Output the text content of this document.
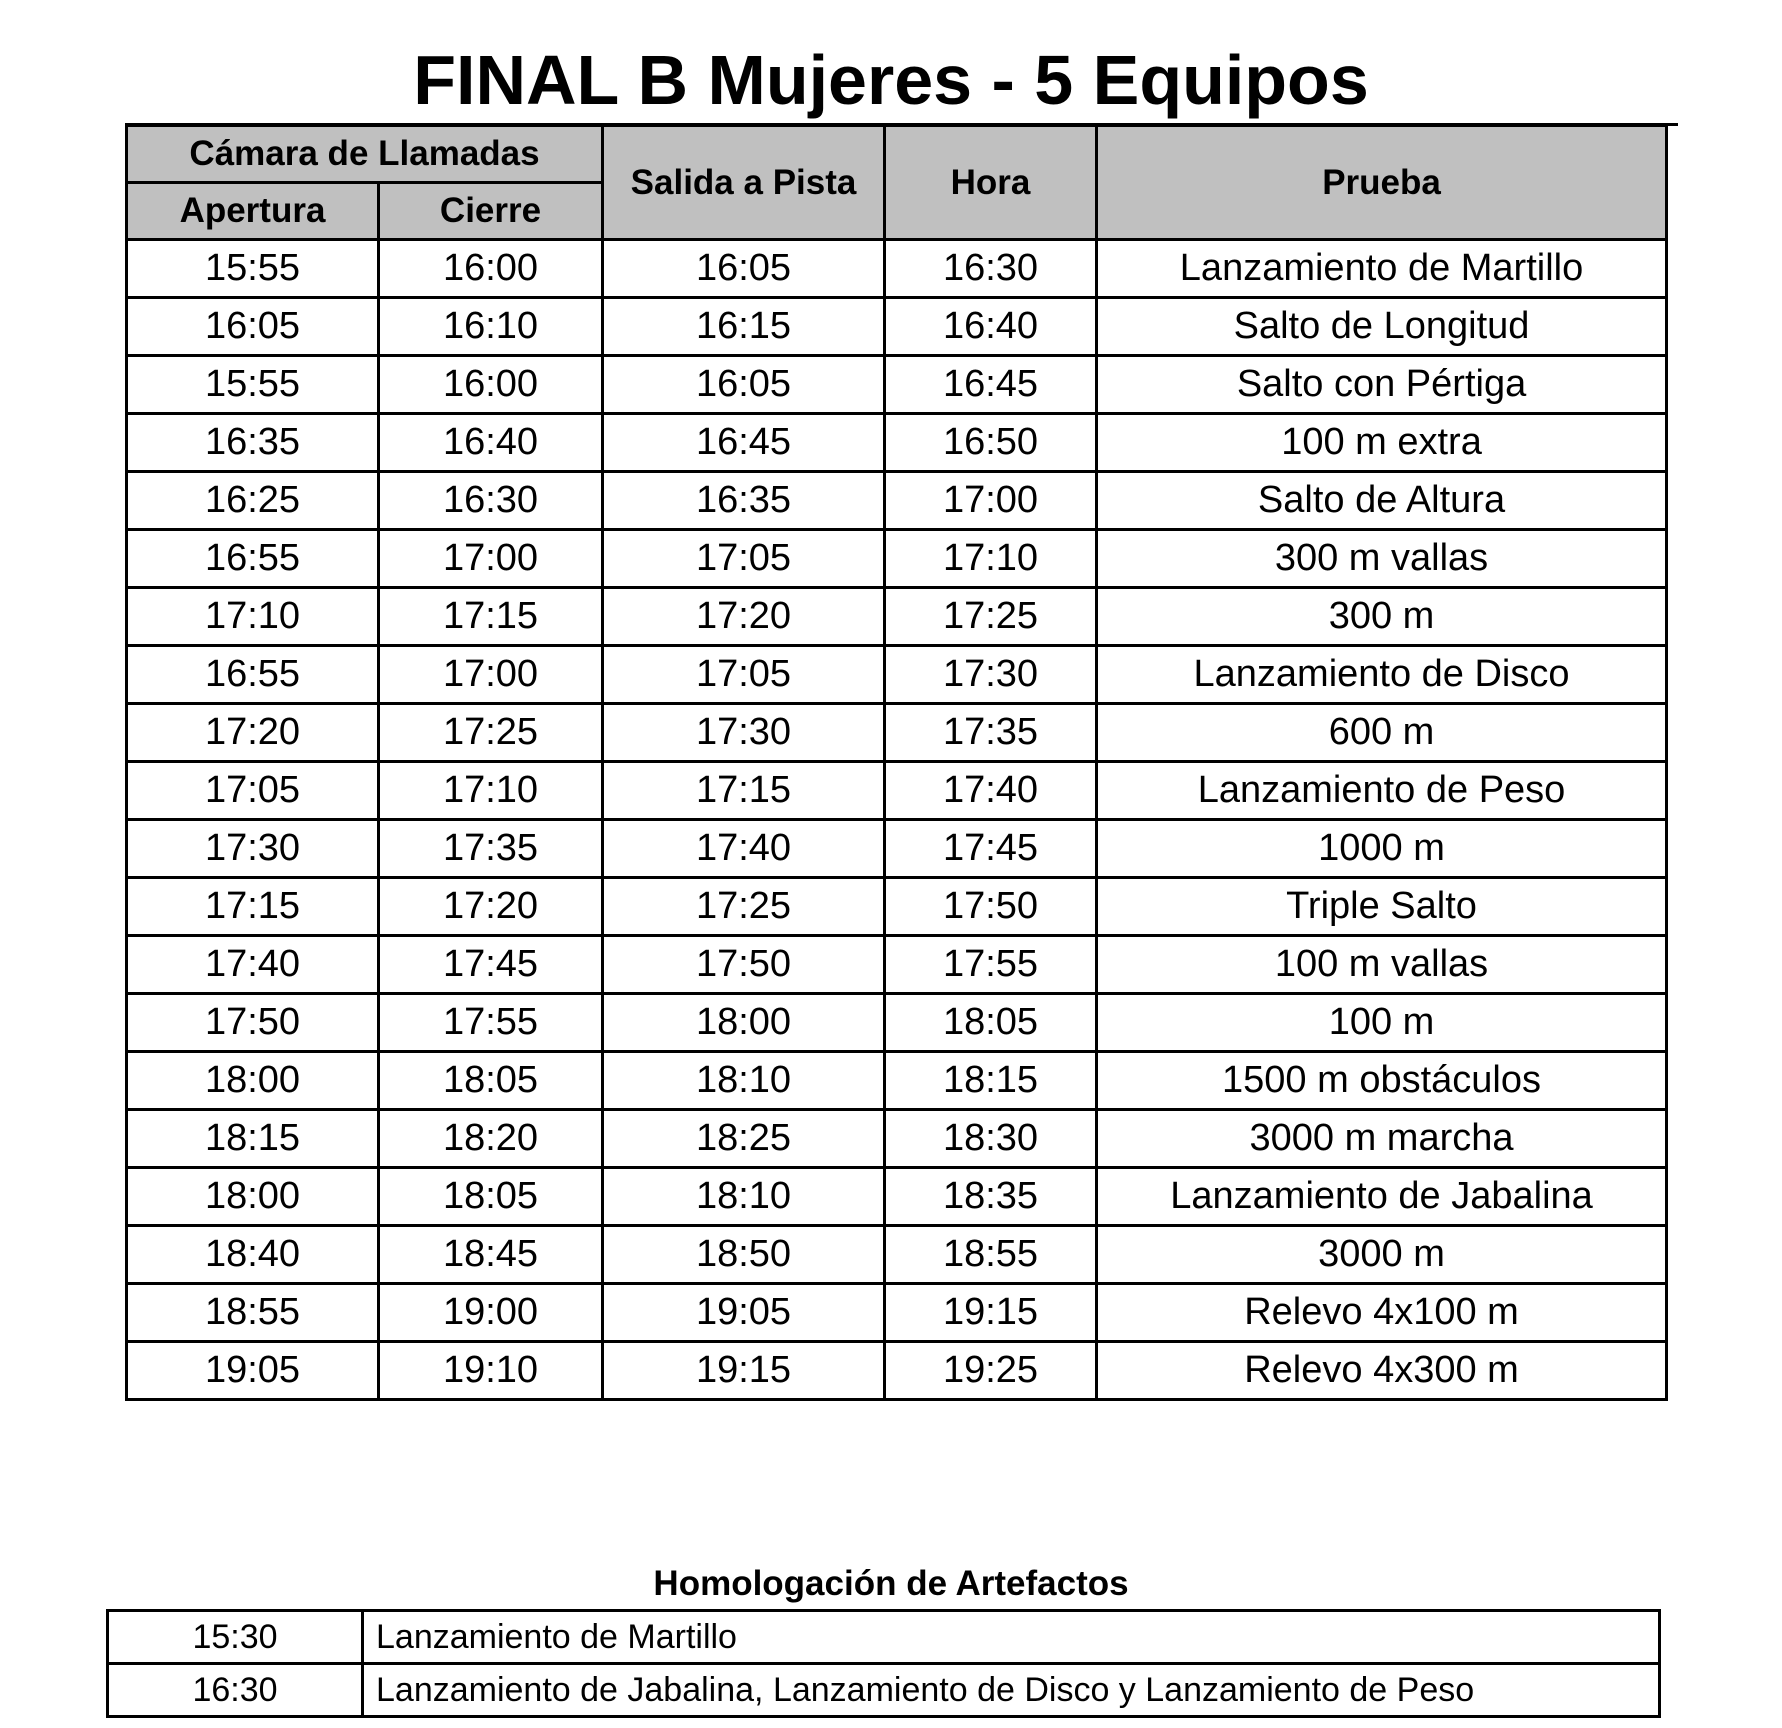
FINAL B Mujeres - 5 Equipos
Cámara de Llamadas		Salida a Pista	Hora	Prueba
Apertura	Cierre			
15:55	16:00	16:05	16:30	Lanzamiento de Martillo
16:05	16:10	16:15	16:40	Salto de Longitud
15:55	16:00	16:05	16:45	Salto con Pértiga
16:35	16:40	16:45	16:50	100 m extra
16:25	16:30	16:35	17:00	Salto de Altura
16:55	17:00	17:05	17:10	300 m vallas
17:10	17:15	17:20	17:25	300 m
16:55	17:00	17:05	17:30	Lanzamiento de Disco
17:20	17:25	17:30	17:35	600 m
17:05	17:10	17:15	17:40	Lanzamiento de Peso
17:30	17:35	17:40	17:45	1000 m
17:15	17:20	17:25	17:50	Triple Salto
17:40	17:45	17:50	17:55	100 m vallas
17:50	17:55	18:00	18:05	100 m
18:00	18:05	18:10	18:15	1500 m obstáculos
18:15	18:20	18:25	18:30	3000 m marcha
18:00	18:05	18:10	18:35	Lanzamiento de Jabalina
18:40	18:45	18:50	18:55	3000 m
18:55	19:00	19:05	19:15	Relevo 4x100 m
19:05	19:10	19:15	19:25	Relevo 4x300 m
Homologación de Artefactos
15:30	Lanzamiento de Martillo
16:30	Lanzamiento de Jabalina, Lanzamiento de Disco y Lanzamiento de Peso
